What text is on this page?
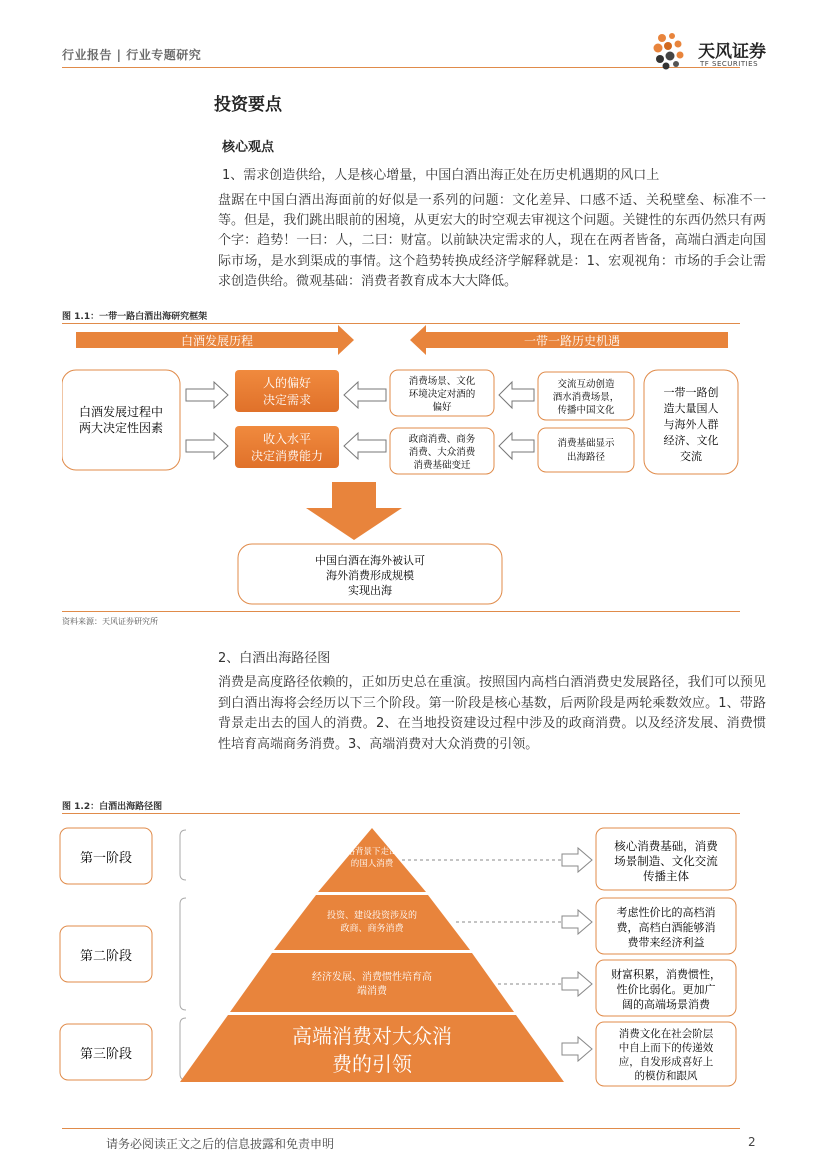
行业报告 | 行业专题研究	天风证券
TF SECURITIES
投资要点
核心观点
1、需求创造供给，人是核心增量，中国白酒出海正处在历史机遇期的风口上
盘踞在中国白酒出海面前的好似是一系列的问题：文化差异、口感不适、关税壁垒、标准不一等。但是，我们跳出眼前的困境，从更宏大的时空观去审视这个问题。关键性的东西仍然只有两个字：趋势！一曰：人，二曰：财富。以前缺决定需求的人，现在在两者皆备，高端白酒走向国际市场，是水到渠成的事情。这个趋势转换成经济学解释就是：1、宏观视角：市场的手会让需求创造供给。微观基础：消费者教育成本大大降低。
图 1.1：一带一路白酒出海研究框架
白酒发展历程	一带一路历史机遇
白酒发展过程中
两大决定性因素
人的偏好
决定需求
收入水平
决定消费能力
消费场景、文化
环境决定对酒的
偏好
政商消费、商务
消费、大众消费
消费基础变迁
交流互动创造
酒水消费场景，
传播中国文化
消费基础显示
出海路径
一带一路创
造大量国人
与海外人群
经济、文化
交流
中国白酒在海外被认可
海外消费形成规模
实现出海
资料来源：天风证券研究所
2、白酒出海路径图
消费是高度路径依赖的，正如历史总在重演。按照国内高档白酒消费史发展路径，我们可以预见到白酒出海将会经历以下三个阶段。第一阶段是核心基数，后两阶段是两轮乘数效应。1、带路背景走出去的国人的消费。2、在当地投资建设过程中涉及的政商消费。以及经济发展、消费惯性培育高端商务消费。3、高端消费对大众消费的引领。
图 1.2：白酒出海路径图
第一阶段
第二阶段
第三阶段
带路背景下走出去
的国人消费
投资、建设投资涉及的
政商、商务消费
经济发展、消费惯性培育高
端消费
高端消费对大众消
费的引领
核心消费基础，消费
场景制造、文化交流
传播主体
考虑性价比的高档消
费，高档白酒能够消
费带来经济利益
财富积累，消费惯性，
性价比弱化。更加广
阔的高端场景消费
消费文化在社会阶层
中自上而下的传递效
应，自发形成喜好上
的模仿和跟风
请务必阅读正文之后的信息披露和免责申明	2
